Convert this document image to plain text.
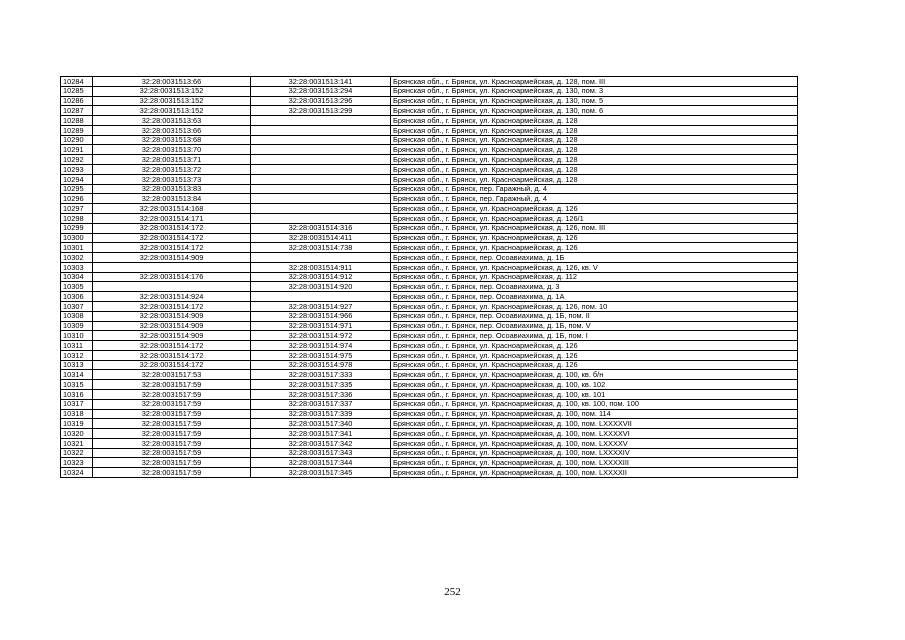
10284	32:28:0031513:66	32:28:0031513:141	Брянская обл., г. Брянск, ул. Красноармейская, д. 128, пом. III
10285	32:28:0031513:152	32:28:0031513:294	Брянская обл., г. Брянск, ул. Красноармейская, д. 130, пом. 3
10286	32:28:0031513:152	32:28:0031513:296	Брянская обл., г. Брянск, ул. Красноармейская, д. 130, пом. 5
10287	32:28:0031513:152	32:28:0031513:299	Брянская обл., г. Брянск, ул. Красноармейская, д. 130, пом. 6
10288	32:28:0031513:63		Брянская обл., г. Брянск, ул. Красноармейская, д. 128
10289	32:28:0031513:66		Брянская обл., г. Брянск, ул. Красноармейская, д. 128
10290	32:28:0031513:68		Брянская обл., г. Брянск, ул. Красноармейская, д. 128
10291	32:28:0031513:70		Брянская обл., г. Брянск, ул. Красноармейская, д. 128
10292	32:28:0031513:71		Брянская обл., г. Брянск, ул. Красноармейская, д. 128
10293	32:28:0031513:72		Брянская обл., г. Брянск, ул. Красноармейская, д. 128
10294	32:28:0031513:73		Брянская обл., г. Брянск, ул. Красноармейская, д. 128
10295	32:28:0031513:83		Брянская обл., г. Брянск, пер. Гаражный, д. 4
10296	32:28:0031513:84		Брянская обл., г. Брянск, пер. Гаражный, д. 4
10297	32:28:0031514:168		Брянская обл., г. Брянск, ул. Красноармейская, д. 126
10298	32:28:0031514:171		Брянская обл., г. Брянск, ул. Красноармейская, д. 126/1
10299	32:28:0031514:172	32:28:0031514:316	Брянская обл., г. Брянск, ул. Красноармейская, д. 126, пом. III
10300	32:28:0031514:172	32:28:0031514:411	Брянская обл., г. Брянск, ул. Красноармейская, д. 126
10301	32:28:0031514:172	32:28:0031514:738	Брянская обл., г. Брянск, ул. Красноармейская, д. 126
10302	32:28:0031514:909		Брянская обл., г. Брянск, пер. Осоавиахима, д. 1Б
10303		32:28:0031514:911	Брянская обл., г. Брянск, ул. Красноармейская, д. 126, кв. V
10304	32:28:0031514:176	32:28:0031514:912	Брянская обл., г. Брянск, ул. Красноармейская, д. 112
10305		32:28:0031514:920	Брянская обл., г. Брянск, пер. Осоавиахима, д. 3
10306	32:28:0031514:924		Брянская обл., г. Брянск, пер. Осоавиахима, д. 1А
10307	32:28:0031514:172	32:28:0031514:927	Брянская обл., г. Брянск, ул. Красноармейская, д. 126, пом. 10
10308	32:28:0031514:909	32:28:0031514:966	Брянская обл., г. Брянск, пер. Осоавиахима, д. 1Б, пом. II
10309	32:28:0031514:909	32:28:0031514:971	Брянская обл., г. Брянск, пер. Осоавиахима, д. 1Б, пом. V
10310	32:28:0031514:909	32:28:0031514:972	Брянская обл., г. Брянск, пер. Осоавиахима, д. 1Б, пом. I
10311	32:28:0031514:172	32:28:0031514:974	Брянская обл., г. Брянск, ул. Красноармейская, д. 126
10312	32:28:0031514:172	32:28:0031514:975	Брянская обл., г. Брянск, ул. Красноармейская, д. 126
10313	32:28:0031514:172	32:28:0031514:978	Брянская обл., г. Брянск, ул. Красноармейская, д. 126
10314	32:28:0031517:53	32:28:0031517:333	Брянская обл., г. Брянск, ул. Красноармейская, д. 100, кв. б/н
10315	32:28:0031517:59	32:28:0031517:335	Брянская обл., г. Брянск, ул. Красноармейская, д. 100, кв. 102
10316	32:28:0031517:59	32:28:0031517:336	Брянская обл., г. Брянск, ул. Красноармейская, д. 100, кв. 101
10317	32:28:0031517:59	32:28:0031517:337	Брянская обл., г. Брянск, ул. Красноармейская, д. 100, кв. 100, пом. 100
10318	32:28:0031517:59	32:28:0031517:339	Брянская обл., г. Брянск, ул. Красноармейская, д. 100, пом. 114
10319	32:28:0031517:59	32:28:0031517:340	Брянская обл., г. Брянск, ул. Красноармейская, д. 100, пом. LXXXXVII
10320	32:28:0031517:59	32:28:0031517:341	Брянская обл., г. Брянск, ул. Красноармейская, д. 100, пом. LXXXXVI
10321	32:28:0031517:59	32:28:0031517:342	Брянская обл., г. Брянск, ул. Красноармейская, д. 100, пом. LXXXXV
10322	32:28:0031517:59	32:28:0031517:343	Брянская обл., г. Брянск, ул. Красноармейская, д. 100, пом. LXXXXIV
10323	32:28:0031517:59	32:28:0031517:344	Брянская обл., г. Брянск, ул. Красноармейская, д. 100, пом. LXXXXIII
10324	32:28:0031517:59	32:28:0031517:345	Брянская обл., г. Брянск, ул. Красноармейская, д. 100, пом. LXXXXII
252
